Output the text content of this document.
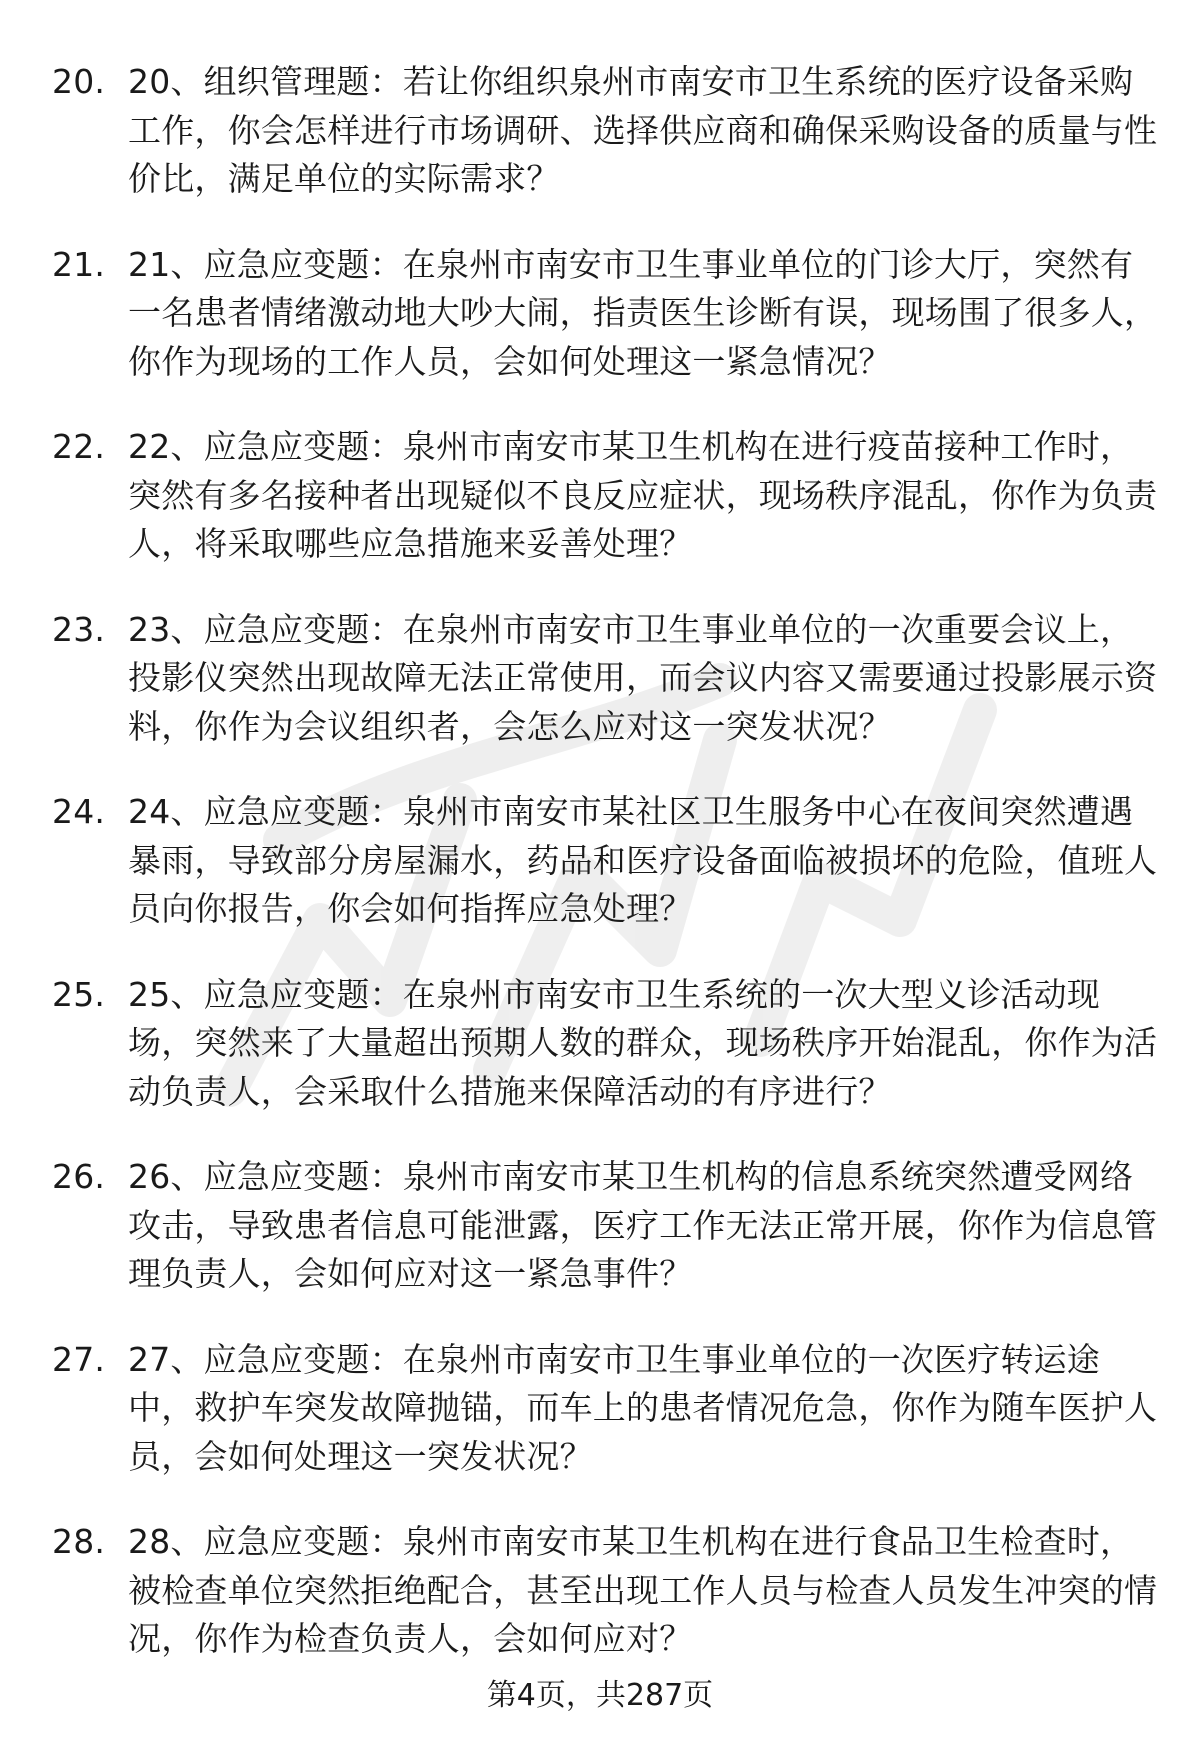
20. 20、组织管理题：若让你组织泉州市南安市卫生系统的医疗设备采购工作，你会怎样进行市场调研、选择供应商和确保采购设备的质量与性价比，满足单位的实际需求？
21. 21、应急应变题：在泉州市南安市卫生事业单位的门诊大厅，突然有一名患者情绪激动地大吵大闹，指责医生诊断有误，现场围了很多人，你作为现场的工作人员，会如何处理这一紧急情况？
22. 22、应急应变题：泉州市南安市某卫生机构在进行疫苗接种工作时，突然有多名接种者出现疑似不良反应症状，现场秩序混乱，你作为负责人，将采取哪些应急措施来妥善处理？
23. 23、应急应变题：在泉州市南安市卫生事业单位的一次重要会议上，投影仪突然出现故障无法正常使用，而会议内容又需要通过投影展示资料，你作为会议组织者，会怎么应对这一突发状况？
24. 24、应急应变题：泉州市南安市某社区卫生服务中心在夜间突然遭遇暴雨，导致部分房屋漏水，药品和医疗设备面临被损坏的危险，值班人员向你报告，你会如何指挥应急处理？
25. 25、应急应变题：在泉州市南安市卫生系统的一次大型义诊活动现场，突然来了大量超出预期人数的群众，现场秩序开始混乱，你作为活动负责人，会采取什么措施来保障活动的有序进行？
26. 26、应急应变题：泉州市南安市某卫生机构的信息系统突然遭受网络攻击，导致患者信息可能泄露，医疗工作无法正常开展，你作为信息管理负责人，会如何应对这一紧急事件？
27. 27、应急应变题：在泉州市南安市卫生事业单位的一次医疗转运途中，救护车突发故障抛锚，而车上的患者情况危急，你作为随车医护人员，会如何处理这一突发状况？
28. 28、应急应变题：泉州市南安市某卫生机构在进行食品卫生检查时，被检查单位突然拒绝配合，甚至出现工作人员与检查人员发生冲突的情况，你作为检查负责人，会如何应对？
第4页，共287页
